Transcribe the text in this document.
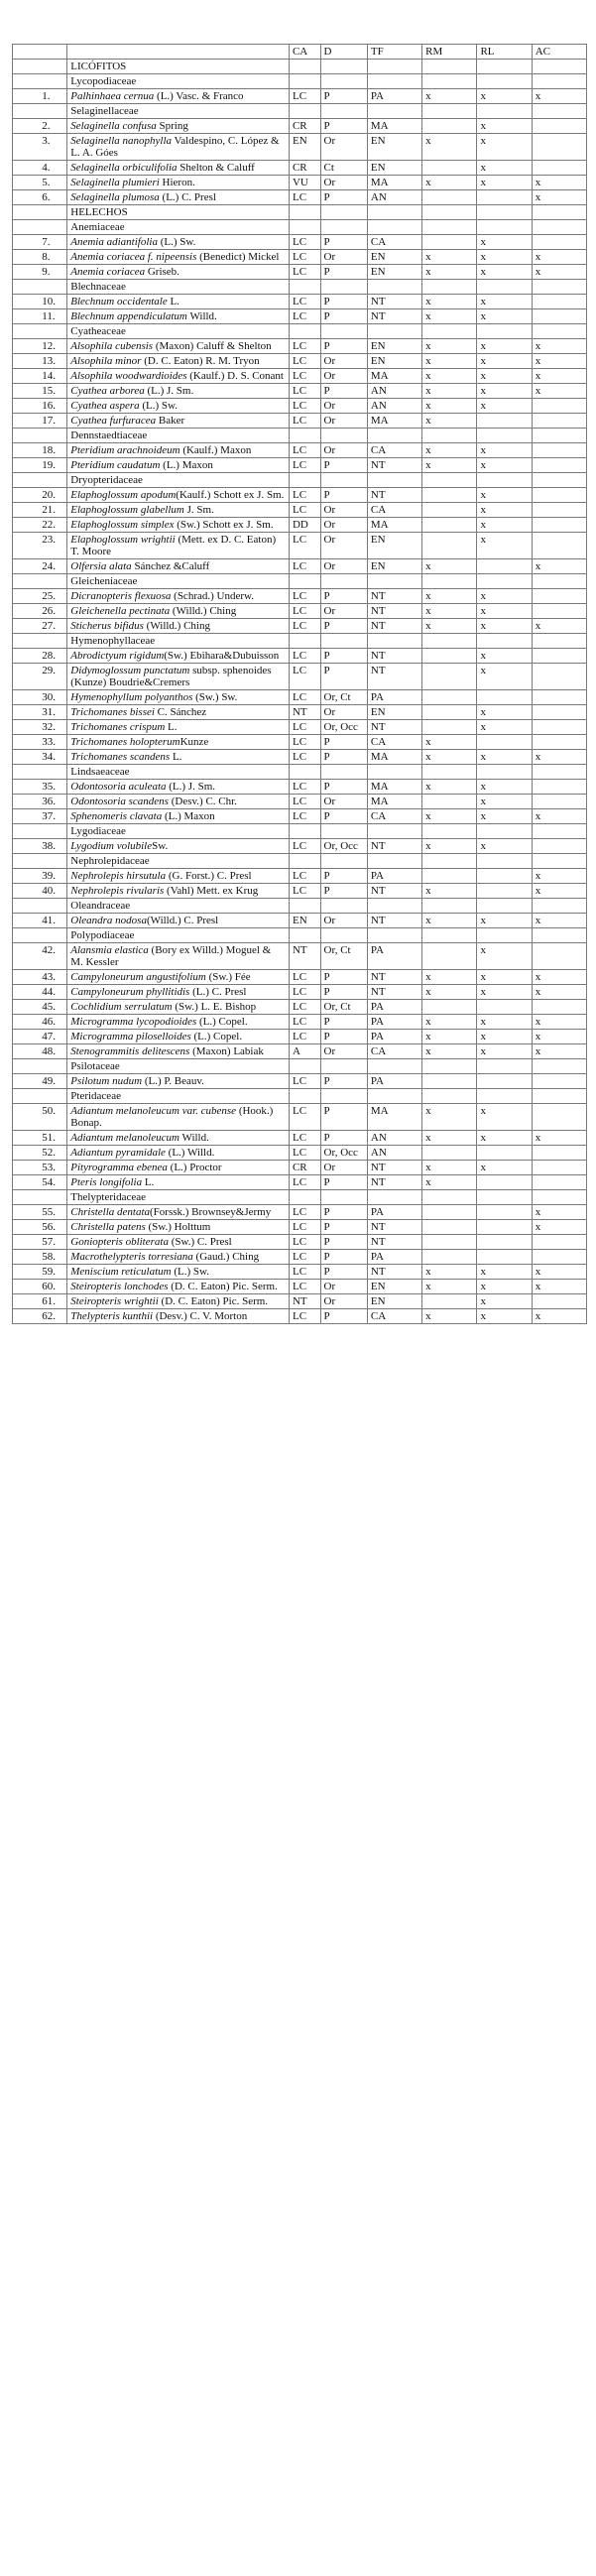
		CA	D	TF	RM	RL	AC
	LICÓFITOS						
	Lycopodiaceae						
1.	Palhinhaea cernua (L.) Vasc. & Franco	LC	P	PA	x	x	x
	Selaginellaceae						
2.	Selaginella confusa Spring	CR	P	MA		x	
3.	Selaginella nanophylla Valdespino, C. López & L. A. Góes	EN	Or	EN	x	x	
4.	Selaginella orbiculifolia Shelton & Caluff	CR	Ct	EN		x	
5.	Selaginella plumieri Hieron.	VU	Or	MA	x	x	x
6.	Selaginella plumosa (L.) C. Presl	LC	P	AN			x
	HELECHOS						
	Anemiaceae						
7.	Anemia adiantifolia (L.) Sw.	LC	P	CA		x	
8.	Anemia coriacea f. nipeensis (Benedict) Mickel	LC	Or	EN	x	x	x
9.	Anemia coriacea Griseb.	LC	P	EN	x	x	x
	Blechnaceae						
10.	Blechnum occidentale L.	LC	P	NT	x	x	
11.	Blechnum appendiculatum Willd.	LC	P	NT	x	x	
	Cyatheaceae						
12.	Alsophila cubensis (Maxon) Caluff & Shelton	LC	P	EN	x	x	x
13.	Alsophila minor (D. C. Eaton) R. M. Tryon	LC	Or	EN	x	x	x
14.	Alsophila woodwardioides (Kaulf.) D. S. Conant	LC	Or	MA	x	x	x
15.	Cyathea arborea (L.) J. Sm.	LC	P	AN	x	x	x
16.	Cyathea aspera (L.) Sw.	LC	Or	AN	x	x	
17.	Cyathea furfuracea Baker	LC	Or	MA	x		
	Dennstaedtiaceae						
18.	Pteridium arachnoideum (Kaulf.) Maxon	LC	Or	CA	x	x	
19.	Pteridium caudatum (L.) Maxon	LC	P	NT	x	x	
	Dryopteridaceae						
20.	Elaphoglossum apodum(Kaulf.) Schott ex J. Sm.	LC	P	NT		x	
21.	Elaphoglossum glabellum J. Sm.	LC	Or	CA		x	
22.	Elaphoglossum simplex (Sw.) Schott ex J. Sm.	DD	Or	MA		x	
23.	Elaphoglossum wrightii (Mett. ex D. C. Eaton) T. Moore	LC	Or	EN		x	
24.	Olfersia alata Sánchez &Caluff	LC	Or	EN	x		x
	Gleicheniaceae						
25.	Dicranopteris flexuosa (Schrad.) Underw.	LC	P	NT	x	x	
26.	Gleichenella pectinata (Willd.) Ching	LC	Or	NT	x	x	
27.	Sticherus bifidus (Willd.) Ching	LC	P	NT	x	x	x
	Hymenophyllaceae						
28.	Abrodictyum rigidum(Sw.) Ebihara&Dubuisson	LC	P	NT		x	
29.	Didymoglossum punctatum subsp. sphenoides (Kunze) Boudrie&Cremers	LC	P	NT		x	
30.	Hymenophyllum polyanthos (Sw.) Sw.	LC	Or, Ct	PA			
31.	Trichomanes bissei C. Sánchez	NT	Or	EN		x	
32.	Trichomanes crispum L.	LC	Or, Occ	NT		x	
33.	Trichomanes holopterumKunze	LC	P	CA	x		
34.	Trichomanes scandens L.	LC	P	MA	x	x	x
	Lindsaeaceae						
35.	Odontosoria aculeata (L.) J. Sm.	LC	P	MA	x	x	
36.	Odontosoria scandens (Desv.) C. Chr.	LC	Or	MA		x	
37.	Sphenomeris clavata (L.) Maxon	LC	P	CA	x	x	x
	Lygodiaceae						
38.	Lygodium volubileSw.	LC	Or, Occ	NT	x	x	
	Nephrolepidaceae						
39.	Nephrolepis hirsutula (G. Forst.) C. Presl	LC	P	PA			x
40.	Nephrolepis rivularis (Vahl) Mett. ex Krug	LC	P	NT	x		x
	Oleandraceae						
41.	Oleandra nodosa(Willd.) C. Presl	EN	Or	NT	x	x	x
	Polypodiaceae						
42.	Alansmia elastica (Bory ex Willd.) Moguel & M. Kessler	NT	Or, Ct	PA		x	
43.	Campyloneurum angustifolium (Sw.) Fée	LC	P	NT	x	x	x
44.	Campyloneurum phyllitidis (L.) C. Presl	LC	P	NT	x	x	x
45.	Cochlidium serrulatum (Sw.) L. E. Bishop	LC	Or, Ct	PA			
46.	Microgramma lycopodioides (L.) Copel.	LC	P	PA	x	x	x
47.	Microgramma piloselloides (L.) Copel.	LC	P	PA	x	x	x
48.	Stenogrammitis delitescens (Maxon) Labiak	A	Or	CA	x	x	x
	Psilotaceae						
49.	Psilotum nudum (L.) P. Beauv.	LC	P	PA			
	Pteridaceae						
50.	Adiantum melanoleucum var. cubense (Hook.) Bonap.	LC	P	MA	x	x	
51.	Adiantum melanoleucum Willd.	LC	P	AN	x	x	x
52.	Adiantum pyramidale (L.) Willd.	LC	Or, Occ	AN			
53.	Pityrogramma ebenea (L.) Proctor	CR	Or	NT	x	x	
54.	Pteris longifolia L.	LC	P	NT	x		
	Thelypteridaceae						
55.	Christella dentata(Forssk.) Brownsey&Jermy	LC	P	PA			x
56.	Christella patens (Sw.) Holttum	LC	P	NT			x
57.	Goniopteris obliterata (Sw.) C. Presl	LC	P	NT			
58.	Macrothelypteris torresiana (Gaud.) Ching	LC	P	PA			
59.	Meniscium reticulatum (L.) Sw.	LC	P	NT	x	x	x
60.	Steiropteris lonchodes (D. C. Eaton) Pic. Serm.	LC	Or	EN	x	x	x
61.	Steiropteris wrightii (D. C. Eaton) Pic. Serm.	NT	Or	EN		x	
62.	Thelypteris kunthii (Desv.) C. V. Morton	LC	P	CA	x	x	x
